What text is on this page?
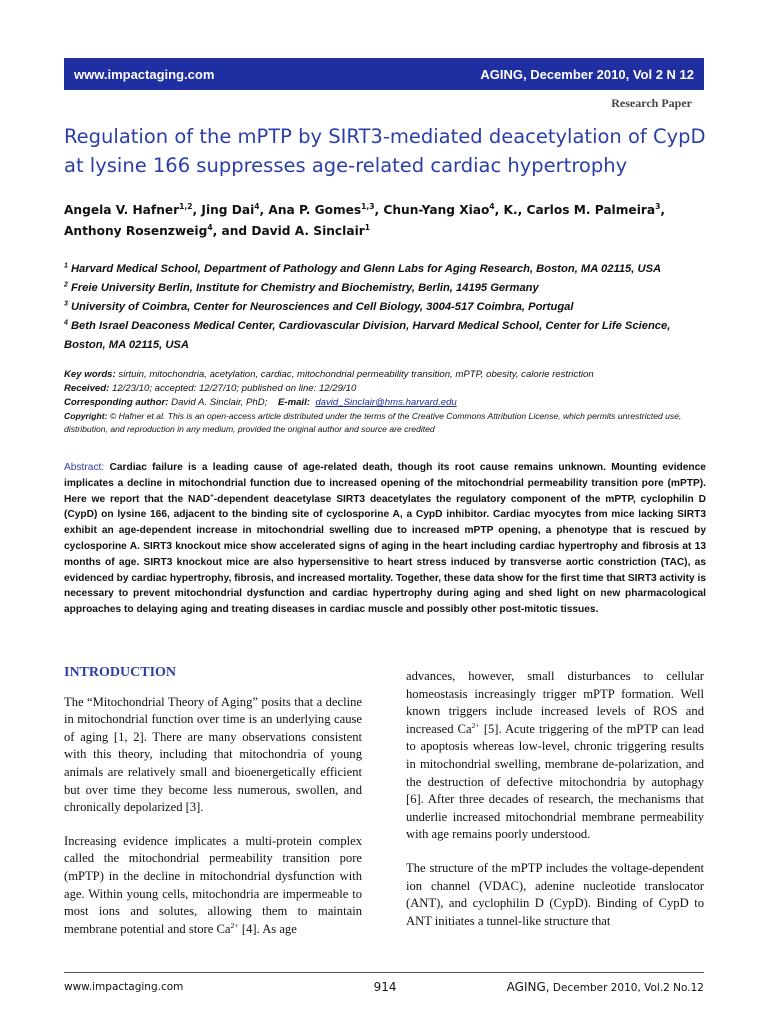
www.impactaging.com	AGING, December 2010, Vol 2 N 12
Research Paper
Regulation of the mPTP by SIRT3-mediated deacetylation of CypD at lysine 166 suppresses age-related cardiac hypertrophy
Angela V. Hafner$^{1,2}$, Jing Dai$^4$, Ana P. Gomes$^{1,3}$, Chun-Yang Xiao$^4$, K., Carlos M. Palmeira$^3$,
Anthony Rosenzweig$^4$, and David A. Sinclair$^1$

$^1$ Harvard Medical School, Department of Pathology and Glenn Labs for Aging Research, Boston, MA 02115, USA

$^2$ Freie University Berlin, Institute for Chemistry and Biochemistry, Berlin, 14195 Germany

$^3$ University of Coimbra, Center for Neurosciences and Cell Biology, 3004-517 Coimbra, Portugal

$^4$ Beth Israel Deaconess Medical Center, Cardiovascular Division, Harvard Medical School, Center for Life Science, Boston, MA 02115, USA

Key words: sirtuin, mitochondria, acetylation, cardiac, mitochondrial permeability transition, mPTP, obesity, calorie restriction

Received: 12/23/10; accepted: 12/27/10; published on line: 12/29/10

Corresponding author: David A. Sinclair, PhD; E-mail: david_Sinclair@hms.harvard.edu

Copyright: © Hafner et al. This is an open-access article distributed under the terms of the Creative Commons Attribution License, which permits unrestricted use, distribution, and reproduction in any medium, provided the original author and source are credited

Abstract: Cardiac failure is a leading cause of age-related death, though its root cause remains unknown. Mounting evidence implicates a decline in mitochondrial function due to increased opening of the mitochondrial permeability transition pore (mPTP). Here we report that the NAD+-dependent deacetylase SIRT3 deacetylates the regulatory component of the mPTP, cyclophilin D (CypD) on lysine 166, adjacent to the binding site of cyclosporine A, a CypD inhibitor. Cardiac myocytes from mice lacking SIRT3 exhibit an age-dependent increase in mitochondrial swelling due to increased mPTP opening, a phenotype that is rescued by cyclosporine A. SIRT3 knockout mice show accelerated signs of aging in the heart including cardiac hypertrophy and fibrosis at 13 months of age. SIRT3 knockout mice are also hypersensitive to heart stress induced by transverse aortic constriction (TAC), as evidenced by cardiac hypertrophy, fibrosis, and increased mortality. Together, these data show for the first time that SIRT3 activity is necessary to prevent mitochondrial dysfunction and cardiac hypertrophy during aging and shed light on new pharmacological approaches to delaying aging and treating diseases in cardiac muscle and possibly other post-mitotic tissues.

INTRODUCTION

The “Mitochondrial Theory of Aging” posits that a decline in mitochondrial function over time is an underlying cause of aging [1, 2]. There are many observations consistent with this theory, including that mitochondria of young animals are relatively small and bioenergetically efficient but over time they become less numerous, swollen, and chronically depolarized [3].

Increasing evidence implicates a multi-protein complex called the mitochondrial permeability transition pore (mPTP) in the decline in mitochondrial dysfunction with age. Within young cells, mitochondria are impermeable to most ions and solutes, allowing them to maintain membrane potential and store $Ca^{2+}$ [4]. As age

advances, however, small disturbances to cellular homeostasis increasingly trigger mPTP formation. Well known triggers include increased levels of ROS and increased $Ca^{2+}$ [5]. Acute triggering of the mPTP can lead to apoptosis whereas low-level, chronic triggering results in mitochondrial swelling, membrane de-polarization, and the destruction of defective mitochondria by autophagy [6]. After three decades of research, the mechanisms that underlie increased mitochondrial membrane permeability with age remains poorly understood.

The structure of the mPTP includes the voltage-dependent ion channel (VDAC), adenine nucleotide translocator (ANT), and cyclophilin D (CypD). Binding of CypD to ANT initiates a tunnel-like structure that

www.impactaging.com	914	AGING, December 2010, Vol.2 No.12
